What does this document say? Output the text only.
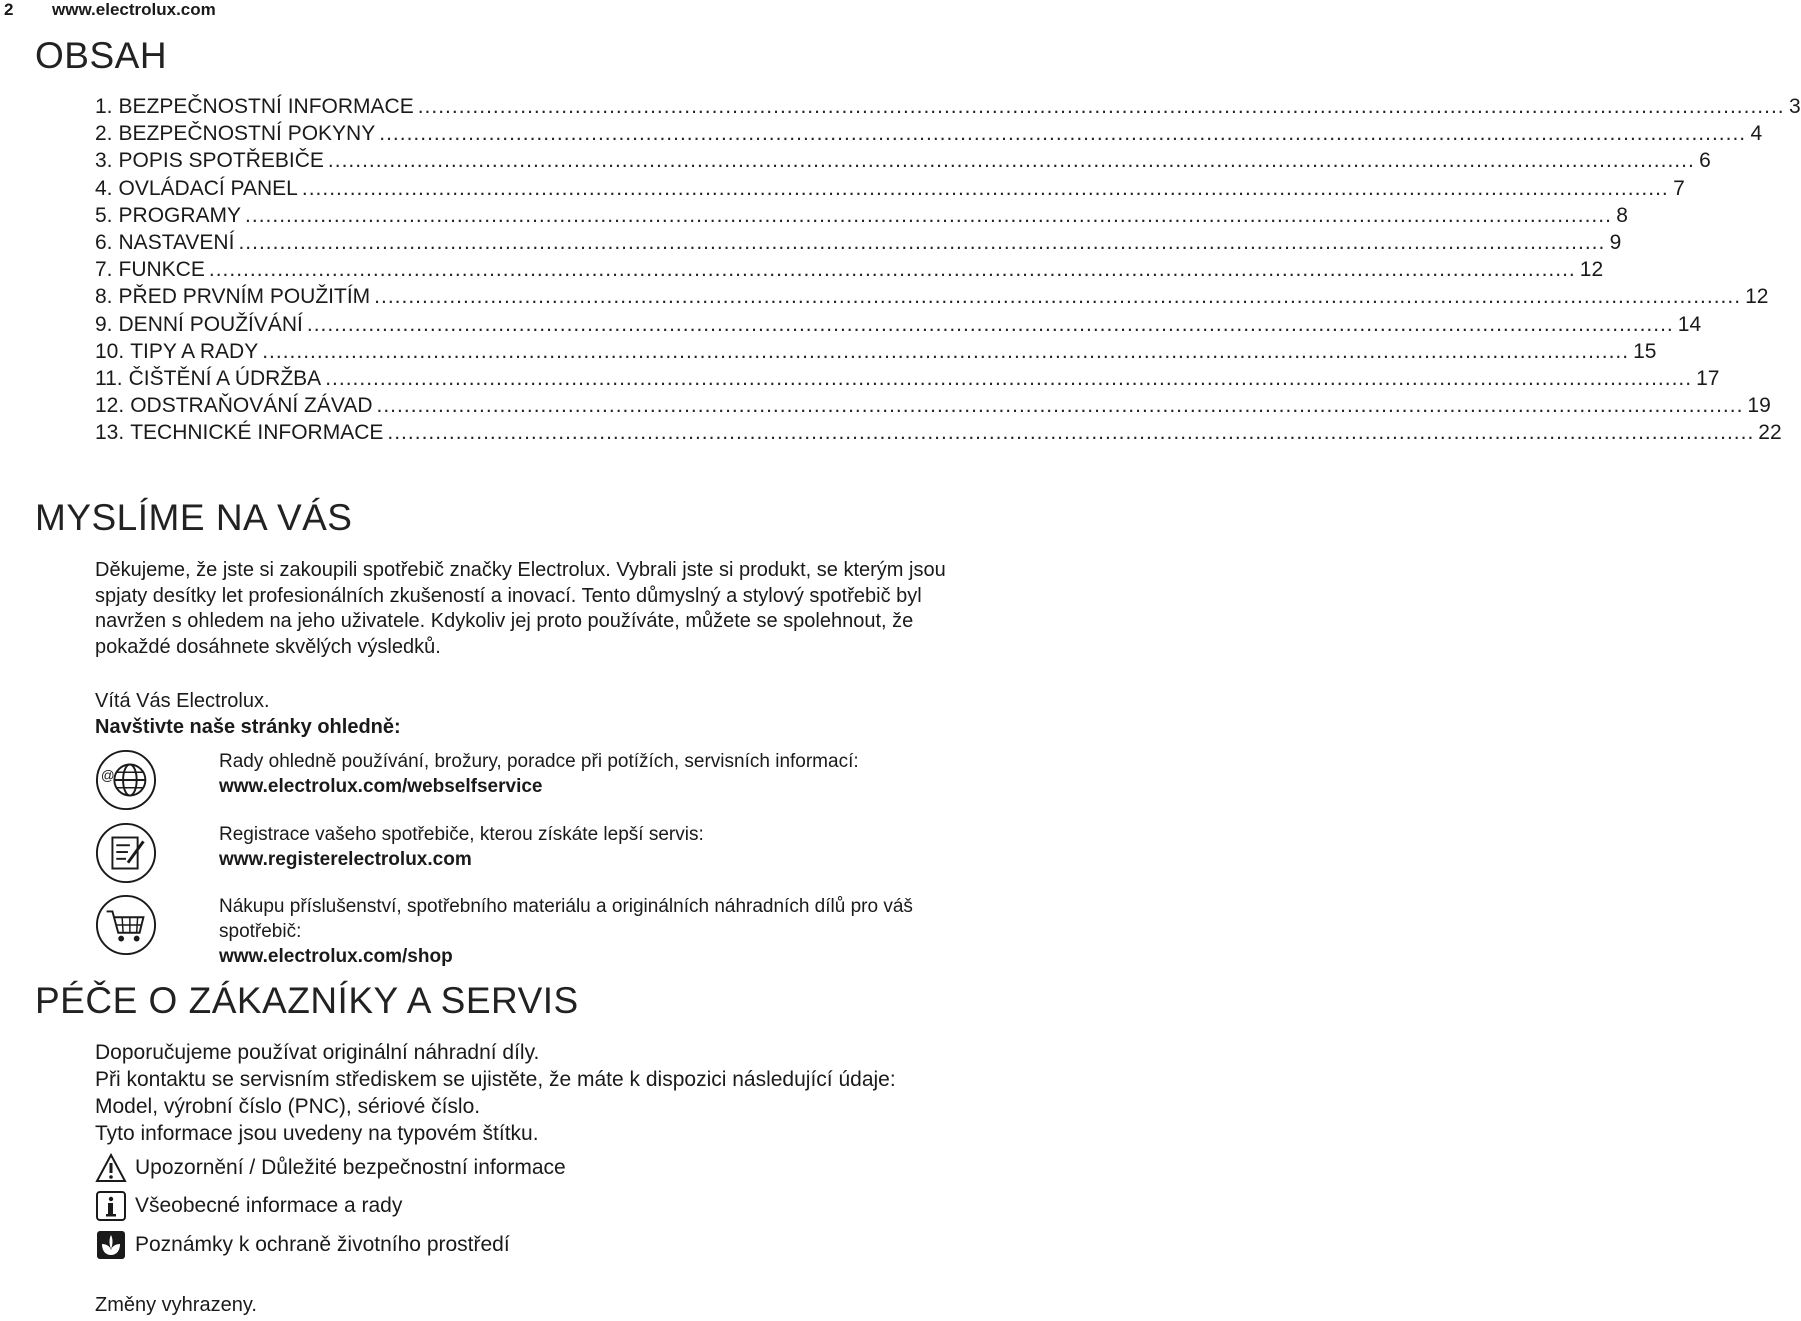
2 www.electrolux.com
OBSAH
1. BEZPEČNOSTNÍ INFORMACE .....	3
2. BEZPEČNOSTNÍ POKYNY .....	4
3. POPIS SPOTŘEBIČE .....	6
4. OVLÁDACÍ PANEL .....	7
5. PROGRAMY .....	8
6. NASTAVENÍ .....	9
7. FUNKCE .....	12
8. PŘED PRVNÍM POUŽITÍM .....	12
9. DENNÍ POUŽÍVÁNÍ .....	14
10. TIPY A RADY .....	15
11. ČIŠTĚNÍ A ÚDRŽBA .....	17
12. ODSTRAŇOVÁNÍ ZÁVAD .....	19
13. TECHNICKÉ INFORMACE .....	22
MYSLÍME NA VÁS
Děkujeme, že jste si zakoupili spotřebič značky Electrolux. Vybrali jste si produkt, se kterým jsou spjaty desítky let profesionálních zkušeností a inovací. Tento důmyslný a stylový spotřebič byl navržen s ohledem na jeho uživatele. Kdykoliv jej proto používáte, můžete se spolehnout, že pokaždé dosáhnete skvělých výsledků.
Vítá Vás Electrolux.
Navštivte naše stránky ohledně:
@
Rady ohledně používání, brožury, poradce při potížích, servisních informací:
www.electrolux.com/webselfservice
Registrace vašeho spotřebiče, kterou získáte lepší servis:
www.registerelectrolux.com
Nákupu příslušenství, spotřebního materiálu a originálních náhradních dílů pro váš spotřebič:
www.electrolux.com/shop
PÉČE O ZÁKAZNÍKY A SERVIS
Doporučujeme používat originální náhradní díly.
Při kontaktu se servisním střediskem se ujistěte, že máte k dispozici následující údaje: Model, výrobní číslo (PNC), sériové číslo.
Tyto informace jsou uvedeny na typovém štítku.
Upozornění / Důležité bezpečnostní informace
Všeobecné informace a rady
Poznámky k ochraně životního prostředí
Změny vyhrazeny.
